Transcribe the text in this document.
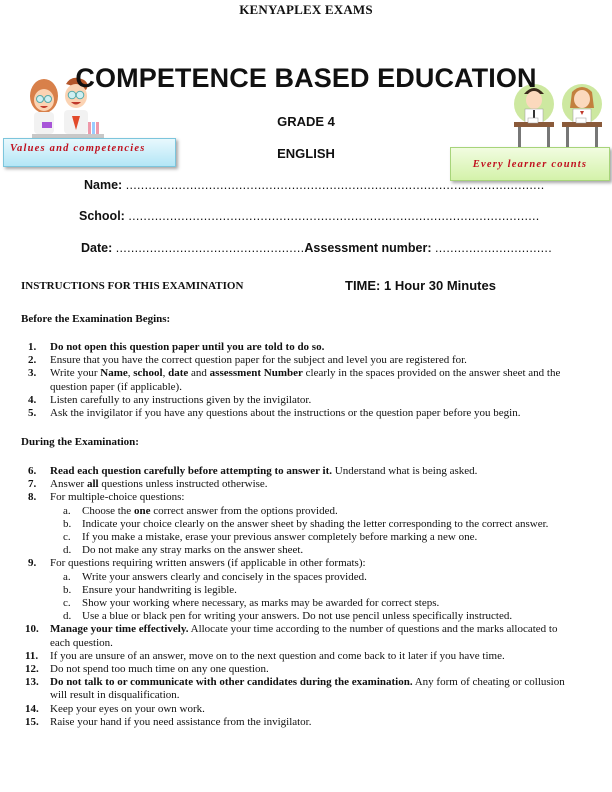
KENYAPLEX EXAMS
Values and competencies
Every learner counts
COMPETENCE BASED EDUCATION
GRADE 4
ENGLISH
Name: ...............................................................................................................
School: .............................................................................................................
Date: ..................................................Assessment number: ...............................
INSTRUCTIONS FOR THIS EXAMINATION	TIME: 1 Hour 30 Minutes
Before the Examination Begins:
1. Do not open this question paper until you are told to do so.
2. Ensure that you have the correct question paper for the subject and level you are registered for.
3. Write your Name, school, date and assessment Number clearly in the spaces provided on the answer sheet and the question paper (if applicable).
4. Listen carefully to any instructions given by the invigilator.
5. Ask the invigilator if you have any questions about the instructions or the question paper before you begin.
During the Examination:
6. Read each question carefully before attempting to answer it. Understand what is being asked.
7. Answer all questions unless instructed otherwise.
8. For multiple-choice questions:
a. Choose the one correct answer from the options provided.
b. Indicate your choice clearly on the answer sheet by shading the letter corresponding to the correct answer.
c. If you make a mistake, erase your previous answer completely before marking a new one.
d. Do not make any stray marks on the answer sheet.
9. For questions requiring written answers (if applicable in other formats):
a. Write your answers clearly and concisely in the spaces provided.
b. Ensure your handwriting is legible.
c. Show your working where necessary, as marks may be awarded for correct steps.
d. Use a blue or black pen for writing your answers. Do not use pencil unless specifically instructed.
10. Manage your time effectively. Allocate your time according to the number of questions and the marks allocated to each question.
11. If you are unsure of an answer, move on to the next question and come back to it later if you have time.
12. Do not spend too much time on any one question.
13. Do not talk to or communicate with other candidates during the examination. Any form of cheating or collusion will result in disqualification.
14. Keep your eyes on your own work.
15. Raise your hand if you need assistance from the invigilator.
